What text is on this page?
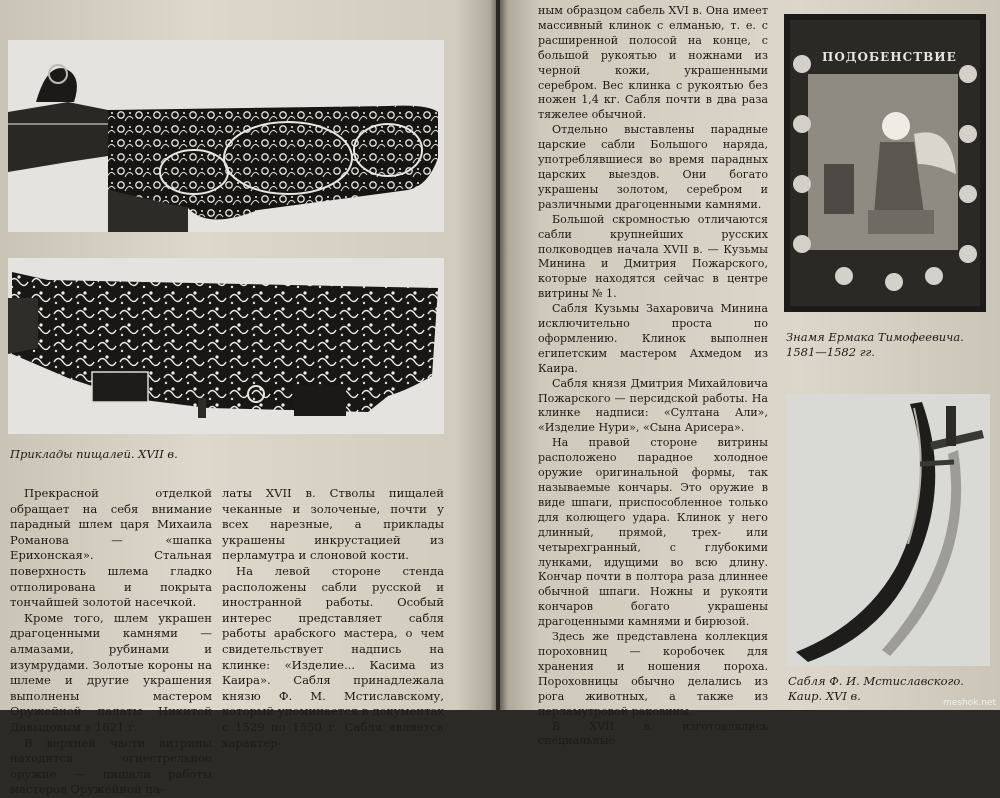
Приклады пищалей. XVII в.

Прекрасной отделкой обращает на себя внимание парадный шлем царя Михаила Романова — «шапка Ерихонская». Стальная поверхность шлема гладко отполирована и покрыта тончайшей золотой насечкой.

Кроме того, шлем украшен драгоценными камнями — алмазами, рубинами и изумрудами. Золотые короны на шлеме и другие украшения выполнены мастером Оружейной палаты Никитой Давыдовым в 1621 г.

В верхней части витрины находится огнестрельное оружие — пищали работы мастеров Оружейной па-

латы XVII в. Стволы пищалей чеканные и золоченые, почти у всех нарезные, а приклады украшены инкрустацией из перламутра и слоновой кости.

На левой стороне стенда расположены сабли русской и иностранной работы. Особый интерес представляет сабля работы арабского мастера, о чем свидетельствует надпись на клинке: «Изделие... Касима из Каира». Сабля принадлежала князю Ф. М. Мстиславскому, который упоминается в документах с 1529 по 1550 г. Сабля является характер-

ным образцом сабель XVI в. Она имеет массивный клинок с елманью, т. е. с расширенной полосой на конце, с большой рукоятью и ножнами из черной кожи, украшенными серебром. Вес клинка с рукоятью без ножен 1,4 кг. Сабля почти в два раза тяжелее обычной.

Отдельно выставлены парадные царские сабли Большого наряда, употреблявшиеся во время парадных царских выездов. Они богато украшены золотом, серебром и различными драгоценными камнями.

Большой скромностью отличаются сабли крупнейших русских полководцев начала XVII в. — Кузьмы Минина и Дмитрия Пожарского, которые находятся сейчас в центре витрины № 1.

Сабля Кузьмы Захаровича Минина исключительно проста по оформлению. Клинок выполнен египетским мастером Ахмедом из Каира.

Сабля князя Дмитрия Михайловича Пожарского — персидской работы. На клинке надписи: «Султана Али», «Изделие Нури», «Сына Арисера».

На правой стороне витрины расположено парадное холодное оружие оригинальной формы, так называемые кончары. Это оружие в виде шпаги, приспособленное только для колющего удара. Клинок у него длинный, прямой, трех- или четырехгранный, с глубокими лунками, идущими во всю длину. Кончар почти в полтора раза длиннее обычной шпаги. Ножны и рукояти кончаров богато украшены драгоценными камнями и бирюзой.

Здесь же представлена коллекция пороховниц — коробочек для хранения и ношения пороха. Пороховницы обычно делались из рога животных, а также из перламутровой раковины.

В XVII в. изготовлялись специальные

ПОДОБЕНСТВИЕ
Знамя Ермака Тимофеевича.
1581—1582 гг.
Сабля Ф. И. Мстиславского.
Каир. XVI в.	meshok.net
